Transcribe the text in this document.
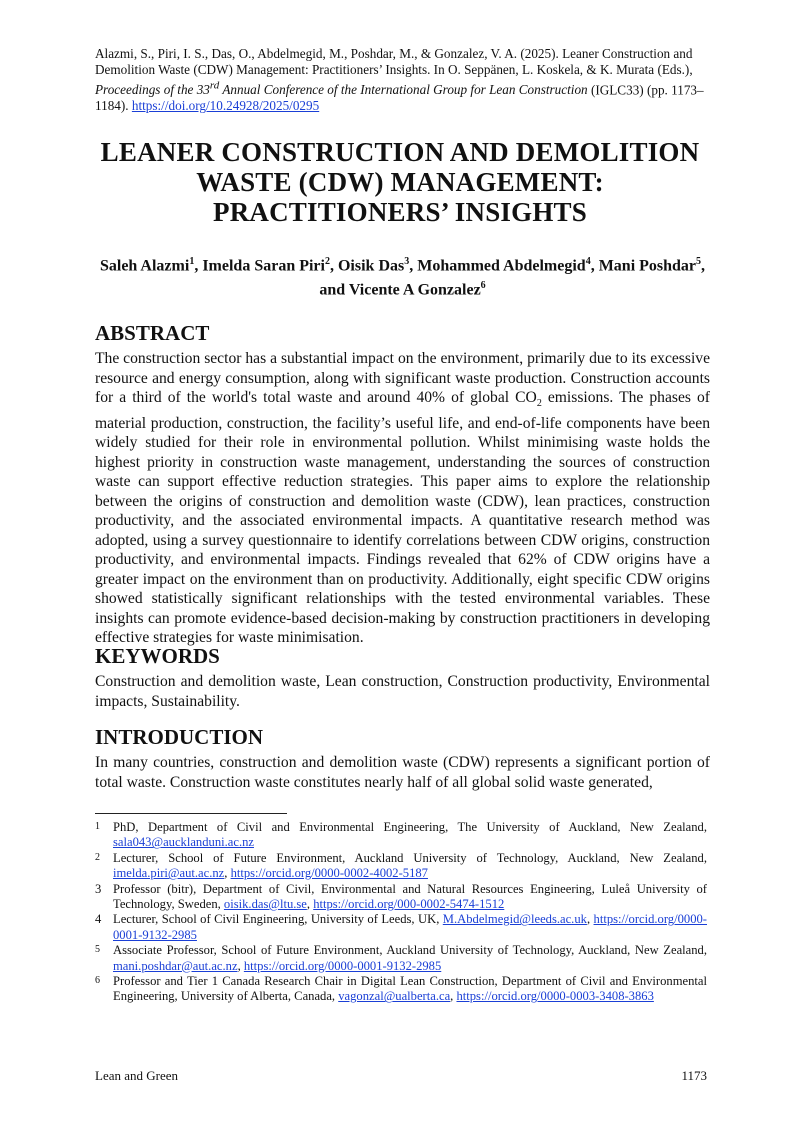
Alazmi, S., Piri, I. S., Das, O., Abdelmegid, M., Poshdar, M., & Gonzalez, V. A. (2025). Leaner Construction and Demolition Waste (CDW) Management: Practitioners’ Insights. In O. Seppänen, L. Koskela, & K. Murata (Eds.), Proceedings of the 33rd Annual Conference of the International Group for Lean Construction (IGLC33) (pp. 1173–1184). https://doi.org/10.24928/2025/0295
LEANER CONSTRUCTION AND DEMOLITION
WASTE (CDW) MANAGEMENT:
PRACTITIONERS’ INSIGHTS
Saleh Alazmi$^1$, Imelda Saran Piri$^2$, Oisik Das$^3$, Mohammed Abdelmegid$^4$, Mani Poshdar$^5$, and Vicente A Gonzalez$^6$
ABSTRACT

The construction sector has a substantial impact on the environment, primarily due to its excessive resource and energy consumption, along with significant waste production. Construction accounts for a third of the world's total waste and around 40% of global $CO_2$ emissions. The phases of material production, construction, the facility’s useful life, and end-of-life components have been widely studied for their role in environmental pollution. Whilst minimising waste holds the highest priority in construction waste management, understanding the sources of construction waste can support effective reduction strategies. This paper aims to explore the relationship between the origins of construction and demolition waste (CDW), lean practices, construction productivity, and the associated environmental impacts. A quantitative research method was adopted, using a survey questionnaire to identify correlations between CDW origins, construction productivity, and environmental impacts. Findings revealed that 62% of CDW origins have a greater impact on the environment than on productivity. Additionally, eight specific CDW origins showed statistically significant relationships with the tested environmental variables. These insights can promote evidence-based decision-making by construction practitioners in developing effective strategies for waste minimisation.

KEYWORDS

Construction and demolition waste, Lean construction, Construction productivity, Environmental impacts, Sustainability.

INTRODUCTION

In many countries, construction and demolition waste (CDW) represents a significant portion of total waste. Construction waste constitutes nearly half of all global solid waste generated,

1	PhD, Department of Civil and Environmental Engineering, The University of Auckland, New Zealand, sala043@aucklanduni.ac.nz
2	Lecturer, School of Future Environment, Auckland University of Technology, Auckland, New Zealand, imelda.piri@aut.ac.nz, https://orcid.org/0000-0002-4002-5187
3 Professor (bitr), Department of Civil, Environmental and Natural Resources Engineering, Luleå University of Technology, Sweden, oisik.das@ltu.se, https://orcid.org/000-0002-5474-1512
4 Lecturer, School of Civil Engineering, University of Leeds, UK, M.Abdelmegid@leeds.ac.uk, https://orcid.org/0000-0001-9132-2985
5	Associate Professor, School of Future Environment, Auckland University of Technology, Auckland, New Zealand, mani.poshdar@aut.ac.nz, https://orcid.org/0000-0001-9132-2985
6	Professor and Tier 1 Canada Research Chair in Digital Lean Construction, Department of Civil and Environmental Engineering, University of Alberta, Canada, vagonzal@ualberta.ca, https://orcid.org/0000-0003-3408-3863
Lean and Green	1173
